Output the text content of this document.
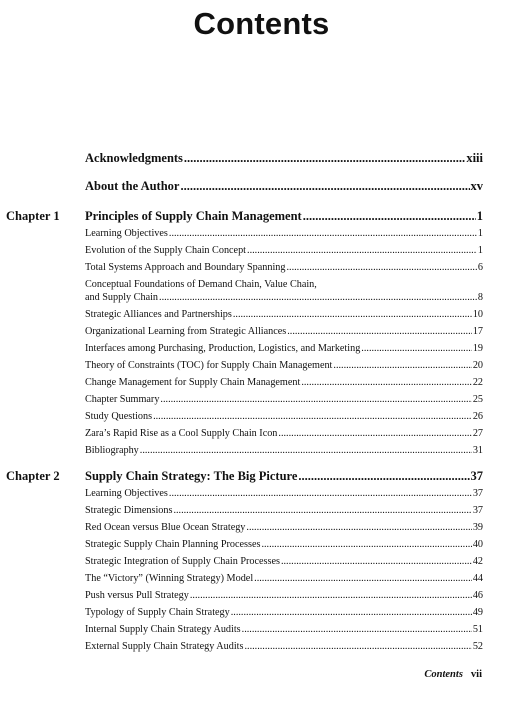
Contents
Acknowledgments .....	xiii
About the Author .....	xv
Chapter 1 Principles of Supply Chain Management .....	1
Learning Objectives .....	1
Evolution of the Supply Chain Concept .....	1
Total Systems Approach and Boundary Spanning .....	6
Conceptual Foundations of Demand Chain, Value Chain,
and Supply Chain .....	8
Strategic Alliances and Partnerships .....	10
Organizational Learning from Strategic Alliances .....	17
Interfaces among Purchasing, Production, Logistics, and Marketing .....	19
Theory of Constraints (TOC) for Supply Chain Management .....	20
Change Management for Supply Chain Management .....	22
Chapter Summary .....	25
Study Questions .....	26
Zara’s Rapid Rise as a Cool Supply Chain Icon .....	27
Bibliography .....	31
Chapter 2 Supply Chain Strategy: The Big Picture .....	37
Learning Objectives .....	37
Strategic Dimensions .....	37
Red Ocean versus Blue Ocean Strategy .....	39
Strategic Supply Chain Planning Processes .....	40
Strategic Integration of Supply Chain Processes .....	42
The “Victory” (Winning Strategy) Model .....	44
Push versus Pull Strategy .....	46
Typology of Supply Chain Strategy .....	49
Internal Supply Chain Strategy Audits .....	51
External Supply Chain Strategy Audits .....	52
Contents vii
